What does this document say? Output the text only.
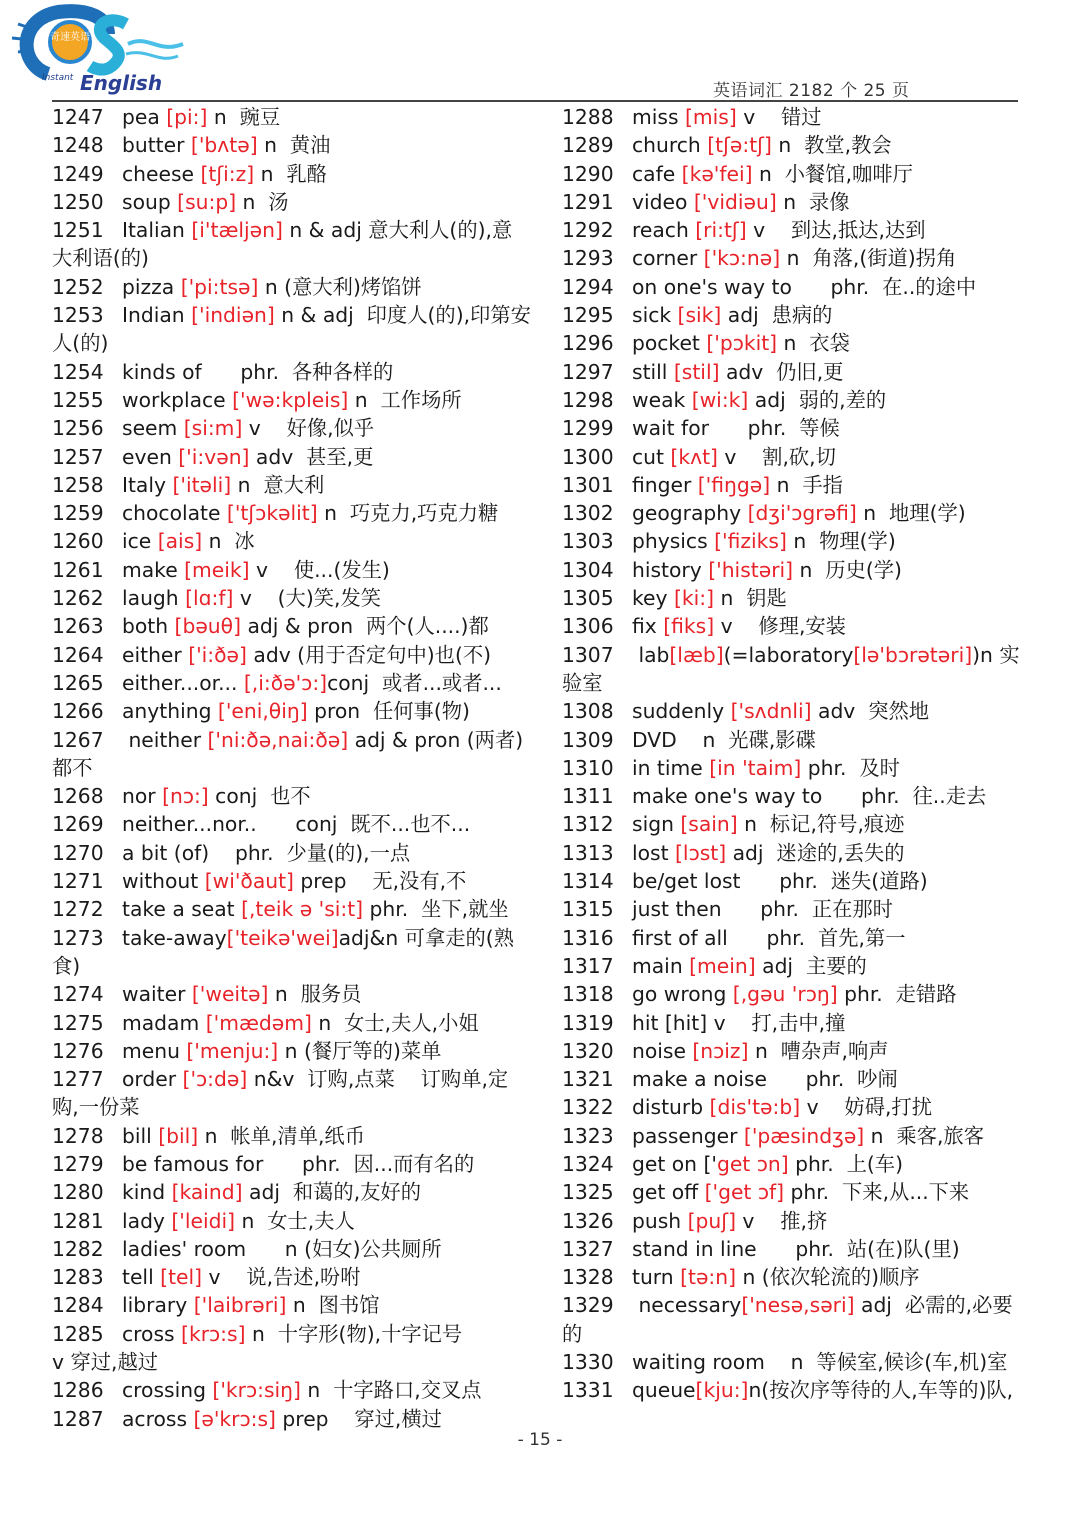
奇速英语
Instant English	英语词汇 2182 个 25 页
1247 pea [pi:] n  豌豆
1248 butter ['bʌtə] n  黄油
1249 cheese [tʃi:z] n  乳酪
1250 soup [su:p] n  汤
1251 Italian [i'tæljən] n & adj 意大利人(的),意大利语(的)
1252 pizza ['pi:tsə] n (意大利)烤馅饼
1253 Indian ['indiən] n & adj  印度人(的),印第安人(的)
1254 kinds of      phr.  各种各样的
1255 workplace ['wə:kpleis] n  工作场所
1256 seem [si:m] v    好像,似乎
1257 even ['i:vən] adv  甚至,更
1258 Italy ['itəli] n  意大利
1259 chocolate ['tʃɔkəlit] n  巧克力,巧克力糖
1260 ice [ais] n  冰
1261 make [meik] v    使...(发生)
1262 laugh [lɑ:f] v    (大)笑,发笑
1263 both [bəuθ] adj & pron  两个(人....)都
1264 either ['i:ðə] adv (用于否定句中)也(不)
1265 either...or... [,i:ðə'ɔ:]conj  或者...或者...
1266 anything ['eni,θiŋ] pron  任何事(物)
1267 neither ['ni:ðə,nai:ðə] adj & pron (两者)都不
1268 nor [nɔ:] conj  也不
1269 neither...nor..      conj  既不...也不...
1270 a bit (of)    phr.  少量(的),一点
1271 without [wi'ðaut] prep    无,没有,不
1272 take a seat [,teik ə 'si:t] phr.  坐下,就坐
1273 take-away['teikə'wei]adj&n 可拿走的(熟食)
1274 waiter ['weitə] n  服务员
1275 madam ['mædəm] n  女士,夫人,小姐
1276 menu ['menju:] n (餐厅等的)菜单
1277 order ['ɔ:də] n&v  订购,点菜    订购单,定购,一份菜
1278 bill [bil] n  帐单,清单,纸币
1279 be famous for      phr.  因...而有名的
1280 kind [kaind] adj  和蔼的,友好的
1281 lady ['leidi] n  女士,夫人
1282 ladies' room      n (妇女)公共厕所
1283 tell [tel] v    说,告述,吩咐
1284 library ['laibrəri] n  图书馆
1285 cross [krɔ:s] n  十字形(物),十字记号         v 穿过,越过
1286 crossing ['krɔ:siŋ] n  十字路口,交叉点
1287 across [ə'krɔ:s] prep    穿过,横过
1288 miss [mis] v    错过
1289 church [tʃə:tʃ] n  教堂,教会
1290 cafe [kə'fei] n  小餐馆,咖啡厅
1291 video ['vidiəu] n  录像
1292 reach [ri:tʃ] v    到达,抵达,达到
1293 corner ['kɔ:nə] n  角落,(街道)拐角
1294 on one's way to      phr.  在..的途中
1295 sick [sik] adj  患病的
1296 pocket ['pɔkit] n  衣袋
1297 still [stil] adv  仍旧,更
1298 weak [wi:k] adj  弱的,差的
1299 wait for      phr.  等候
1300 cut [kʌt] v    割,砍,切
1301 finger ['fiŋgə] n  手指
1302 geography [dʒi'ɔgrəfi] n  地理(学)
1303 physics ['fiziks] n  物理(学)
1304 history ['histəri] n  历史(学)
1305 key [ki:] n  钥匙
1306 fix [fiks] v    修理,安装
1307 lab[læb](=laboratory[lə'bɔrətəri])n 实验室
1308 suddenly ['sʌdnli] adv  突然地
1309 DVD    n  光碟,影碟
1310 in time [in 'taim] phr.  及时
1311 make one's way to      phr.  往..走去
1312 sign [sain] n  标记,符号,痕迹
1313 lost [lɔst] adj  迷途的,丢失的
1314 be/get lost      phr.  迷失(道路)
1315 just then      phr.  正在那时
1316 first of all      phr.  首先,第一
1317 main [mein] adj  主要的
1318 go wrong [,gəu 'rɔŋ] phr.  走错路
1319 hit [hit] v    打,击中,撞
1320 noise [nɔiz] n  嘈杂声,响声
1321 make a noise      phr.  吵闹
1322 disturb [dis'tə:b] v    妨碍,打扰
1323 passenger ['pæsindʒə] n  乘客,旅客
1324 get on ['get ɔn] phr.  上(车)
1325 get off ['get ɔf] phr.  下来,从...下来
1326 push [puʃ] v    推,挤
1327 stand in line      phr.  站(在)队(里)
1328 turn [tə:n] n (依次轮流的)顺序
1329 necessary['nesə,səri] adj  必需的,必要的
1330 waiting room    n  等候室,候诊(车,机)室
1331 queue[kju:]n(按次序等待的人,车等的)队,
- 15 -
